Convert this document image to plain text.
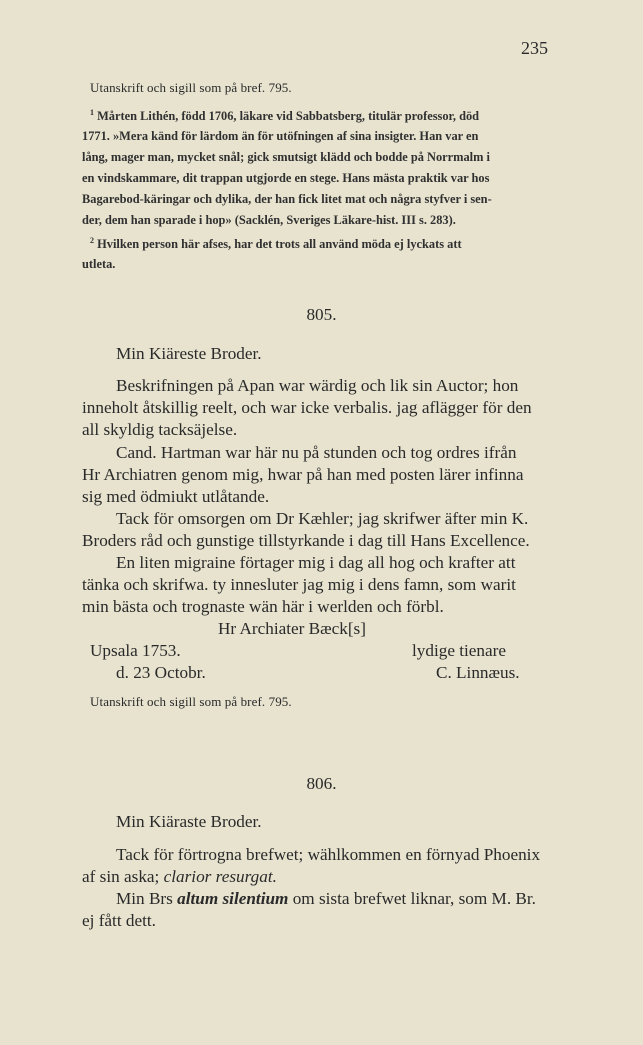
235
Utanskrift och sigill som på bref. 795.
$^1$ Mårten Lithén, född 1706, läkare vid Sabbatsberg, titulär professor, död
1771. »Mera känd för lärdom än för utöfningen af sina insigter. Han var en
lång, mager man, mycket snål; gick smutsigt klädd och bodde på Norrmalm i
en vindskammare, dit trappan utgjorde en stege. Hans mästa praktik var hos
Bagarebod-käringar och dylika, der han fick litet mat och några styfver i sen-
der, dem han sparade i hop» (Sacklén, Sveriges Läkare-hist. III s. 283).
$^2$ Hvilken person här afses, har det trots all använd möda ej lyckats att
utleta.
805.
Min Kiäreste Broder.
Beskrifningen på Apan war wärdig och lik sin Auctor; hon
inneholt åtskillig reelt, och war icke verbalis. jag aflägger för den
all skyldig tacksäjelse.
Cand. Hartman war här nu på stunden och tog ordres ifrån
Hr Archiatren genom mig, hwar på han med posten lärer infinna
sig med ödmiukt utlåtande.
Tack för omsorgen om Dr Kæhler; jag skrifwer äfter min K.
Broders råd och gunstige tillstyrkande i dag till Hans Excellence.
En liten migraine förtager mig i dag all hog och krafter att
tänka och skrifwa. ty innesluter jag mig i dens famn, som warit
min bästa och trognaste wän här i werlden och förbl.
Hr Archiater Bæck[s]
Upsala 1753.	lydige tienare
d. 23 Octobr.	C. Linnæus.
Utanskrift och sigill som på bref. 795.
806.
Min Kiäraste Broder.
Tack för förtrogna brefwet; wählkommen en förnyad Phoenix
af sin aska; clarior resurgat.
Min Brs altum silentium om sista brefwet liknar, som M. Br.
ej fått dett.
